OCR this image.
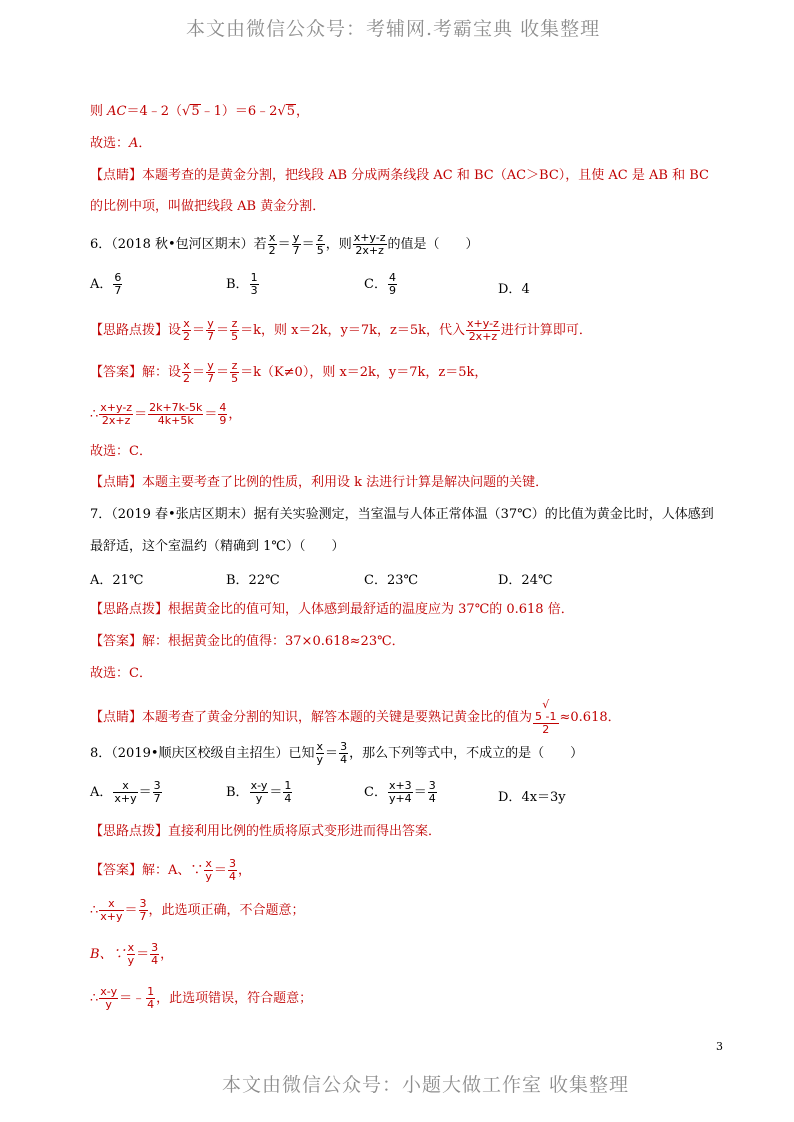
本文由微信公众号：考辅网.考霸宝典 收集整理
本文由微信公众号：小题大做工作室 收集整理
3
则 AC＝4﹣2（√5﹣1）＝6﹣2√5，
故选：A．
【点睛】本题考查的是黄金分割，把线段 AB 分成两条线段 AC 和 BC（AC＞BC），且使 AC 是 AB 和 BC
的比例中项，叫做把线段 AB 黄金分割．
6．（2018 秋•包河区期末）若 $\frac{x}{2} = \frac{y}{7} = \frac{z}{5}$ ，则 $\frac{x+y-z}{2x+z}$ 的值是（　　）
A． $\frac{6}{7}$	B． $\frac{1}{3}$	C． $\frac{4}{9}$	D．4
【思路点拨】设 $\frac{x}{2} = \frac{y}{7} = \frac{z}{5} =k$，则 x＝2k，y＝7k，z＝5k，代入 $\frac{x+y-z}{2x+z}$ 进行计算即可．
【答案】解：设 $\frac{x}{2} = \frac{y}{7} = \frac{z}{5} =k(K\ne 0)$，则 x＝2k，y＝7k，z＝5k，
∴ $\frac{x+y-z}{2x+z} = \frac{2k+7k-5k}{4k+5k} = \frac{4}{9}$ ，
故选：C．
【点睛】本题主要考查了比例的性质，利用设 k 法进行计算是解决问题的关键．
7．（2019 春•张店区期末）据有关实验测定，当室温与人体正常体温（37℃）的比值为黄金比时，人体感到
最舒适，这个室温约（精确到 1℃）（　　）
A．21℃	B．22℃	C．23℃	D．24℃
【思路点拨】根据黄金比的值可知，人体感到最舒适的温度应为 37℃的 0.618 倍．
【答案】解：根据黄金比的值得：37×0.618≈23℃．
故选：C．
【点睛】本题考查了黄金分割的知识，解答本题的关键是要熟记黄金比的值为 √
5 -1
2 ≈0.618．
8．（2019•顺庆区校级自主招生）已知 $\frac{x}{y} = \frac{3}{4}$ ，那么下列等式中，不成立的是（　　）
A． $\frac{x}{x+y} = \frac{3}{7}$	B． $\frac{x-y}{y} = \frac{1}{4}$	C． $\frac{x+3}{y+4} = \frac{3}{4}$	D．4x＝3y
【思路点拨】直接利用比例的性质将原式变形进而得出答案．
【答案】解：A、∵ $\frac{x}{y} = \frac{3}{4}$ ，
∴ $\frac{x}{x+y} = \frac{3}{7}$ ，此选项正确，不合题意；
B、∵ $\frac{x}{y} = \frac{3}{4}$ ，
∴ $\frac{x-y}{y}$ ＝﹣ $\frac{1}{4}$ ，此选项错误，符合题意；
